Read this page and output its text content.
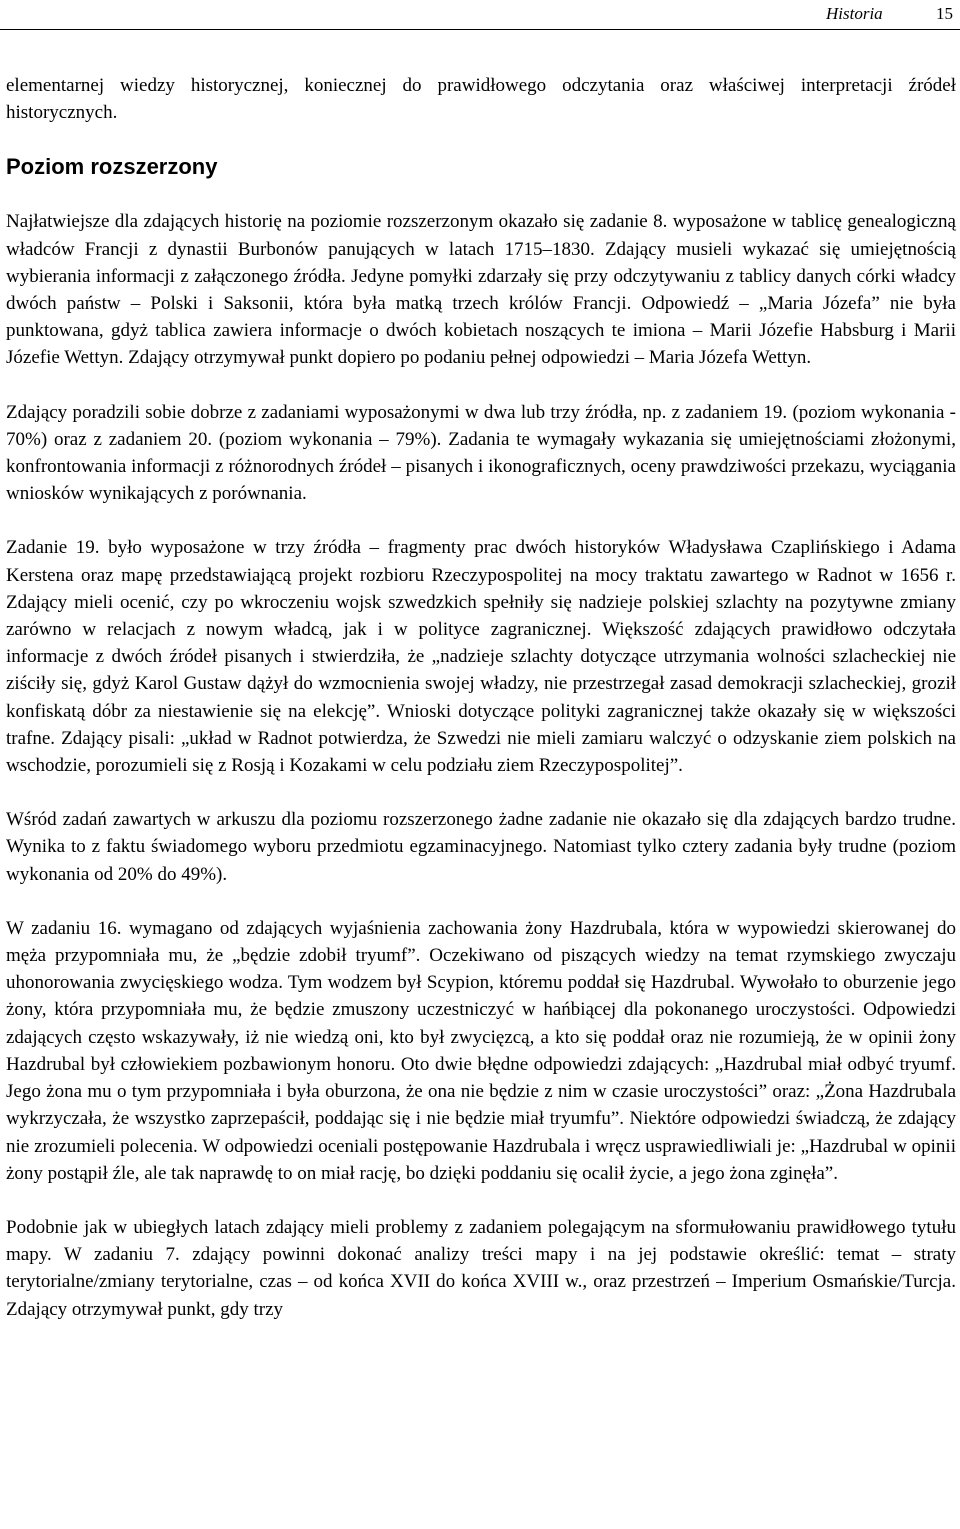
Historia	15

elementarnej wiedzy historycznej, koniecznej do prawidłowego odczytania oraz właściwej interpretacji źródeł historycznych.

Poziom rozszerzony

Najłatwiejsze dla zdających historię na poziomie rozszerzonym okazało się zadanie 8. wyposażone w tablicę genealogiczną władców Francji z dynastii Burbonów panujących w latach 1715–1830. Zdający musieli wykazać się umiejętnością wybierania informacji z załączonego źródła. Jedyne pomyłki zdarzały się przy odczytywaniu z tablicy danych córki władcy dwóch państw – Polski i Saksonii, która była matką trzech królów Francji. Odpowiedź – „Maria Józefa” nie była punktowana, gdyż tablica zawiera informacje o dwóch kobietach noszących te imiona – Marii Józefie Habsburg i Marii Józefie Wettyn. Zdający otrzymywał punkt dopiero po podaniu pełnej odpowiedzi – Maria Józefa Wettyn.

Zdający poradzili sobie dobrze z zadaniami wyposażonymi w dwa lub trzy źródła, np. z zadaniem 19. (poziom wykonania - 70%) oraz z zadaniem 20. (poziom wykonania – 79%). Zadania te wymagały wykazania się umiejętnościami złożonymi, konfrontowania informacji z różnorodnych źródeł – pisanych i ikonograficznych, oceny prawdziwości przekazu, wyciągania wniosków wynikających z porównania.

Zadanie 19. było wyposażone w trzy źródła – fragmenty prac dwóch historyków Władysława Czaplińskiego i Adama Kerstena oraz mapę przedstawiającą projekt rozbioru Rzeczypospolitej na mocy traktatu zawartego w Radnot w 1656 r. Zdający mieli ocenić, czy po wkroczeniu wojsk szwedzkich spełniły się nadzieje polskiej szlachty na pozytywne zmiany zarówno w relacjach z nowym władcą, jak i w polityce zagranicznej. Większość zdających prawidłowo odczytała informacje z dwóch źródeł pisanych i stwierdziła, że „nadzieje szlachty dotyczące utrzymania wolności szlacheckiej nie ziściły się, gdyż Karol Gustaw dążył do wzmocnienia swojej władzy, nie przestrzegał zasad demokracji szlacheckiej, groził konfiskatą dóbr za niestawienie się na elekcję”. Wnioski dotyczące polityki zagranicznej także okazały się w większości trafne. Zdający pisali: „układ w Radnot potwierdza, że Szwedzi nie mieli zamiaru walczyć o odzyskanie ziem polskich na wschodzie, porozumieli się z Rosją i Kozakami w celu podziału ziem Rzeczypospolitej”.

Wśród zadań zawartych w arkuszu dla poziomu rozszerzonego żadne zadanie nie okazało się dla zdających bardzo trudne. Wynika to z faktu świadomego wyboru przedmiotu egzaminacyjnego. Natomiast tylko cztery zadania były trudne (poziom wykonania od 20% do 49%).

W zadaniu 16. wymagano od zdających wyjaśnienia zachowania żony Hazdrubala, która w wypowiedzi skierowanej do męża przypomniała mu, że „będzie zdobił tryumf”. Oczekiwano od piszących wiedzy na temat rzymskiego zwyczaju uhonorowania zwycięskiego wodza. Tym wodzem był Scypion, któremu poddał się Hazdrubal. Wywołało to oburzenie jego żony, która przypomniała mu, że będzie zmuszony uczestniczyć w hańbiącej dla pokonanego uroczystości. Odpowiedzi zdających często wskazywały, iż nie wiedzą oni, kto był zwycięzcą, a kto się poddał oraz nie rozumieją, że w opinii żony Hazdrubal był człowiekiem pozbawionym honoru. Oto dwie błędne odpowiedzi zdających: „Hazdrubal miał odbyć tryumf. Jego żona mu o tym przypomniała i była oburzona, że ona nie będzie z nim w czasie uroczystości” oraz: „Żona Hazdrubala wykrzyczała, że wszystko zaprzepaścił, poddając się i nie będzie miał tryumfu”. Niektóre odpowiedzi świadczą, że zdający nie zrozumieli polecenia. W odpowiedzi oceniali postępowanie Hazdrubala i wręcz usprawiedliwiali je: „Hazdrubal w opinii żony postąpił źle, ale tak naprawdę to on miał rację, bo dzięki poddaniu się ocalił życie, a jego żona zginęła”.

Podobnie jak w ubiegłych latach zdający mieli problemy z zadaniem polegającym na sformułowaniu prawidłowego tytułu mapy. W zadaniu 7. zdający powinni dokonać analizy treści mapy i na jej podstawie określić: temat – straty terytorialne/zmiany terytorialne, czas – od końca XVII do końca XVIII w., oraz przestrzeń – Imperium Osmańskie/Turcja. Zdający otrzymywał punkt, gdy trzy
